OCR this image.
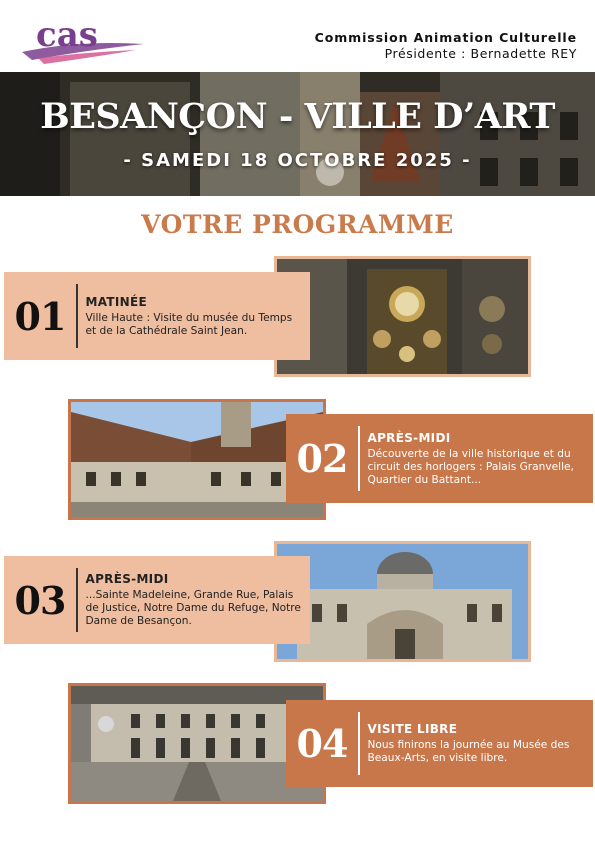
cas	Commission Animation Culturelle
Présidente : Bernadette REY
BESANÇON - VILLE D’ART
- SAMEDI 18 OCTOBRE 2025 -
VOTRE PROGRAMME
01	MATINÉE
Ville Haute : Visite du musée du Temps et de la Cathédrale Saint Jean.
02	APRÈS-MIDI
Découverte de la ville historique et du circuit des horlogers : Palais Granvelle, Quartier du Battant...
03	APRÈS-MIDI
...Sainte Madeleine, Grande Rue, Palais de Justice, Notre Dame du Refuge, Notre Dame de Besançon.
04	VISITE LIBRE
Nous finirons la journée au Musée des Beaux-Arts, en visite libre.
